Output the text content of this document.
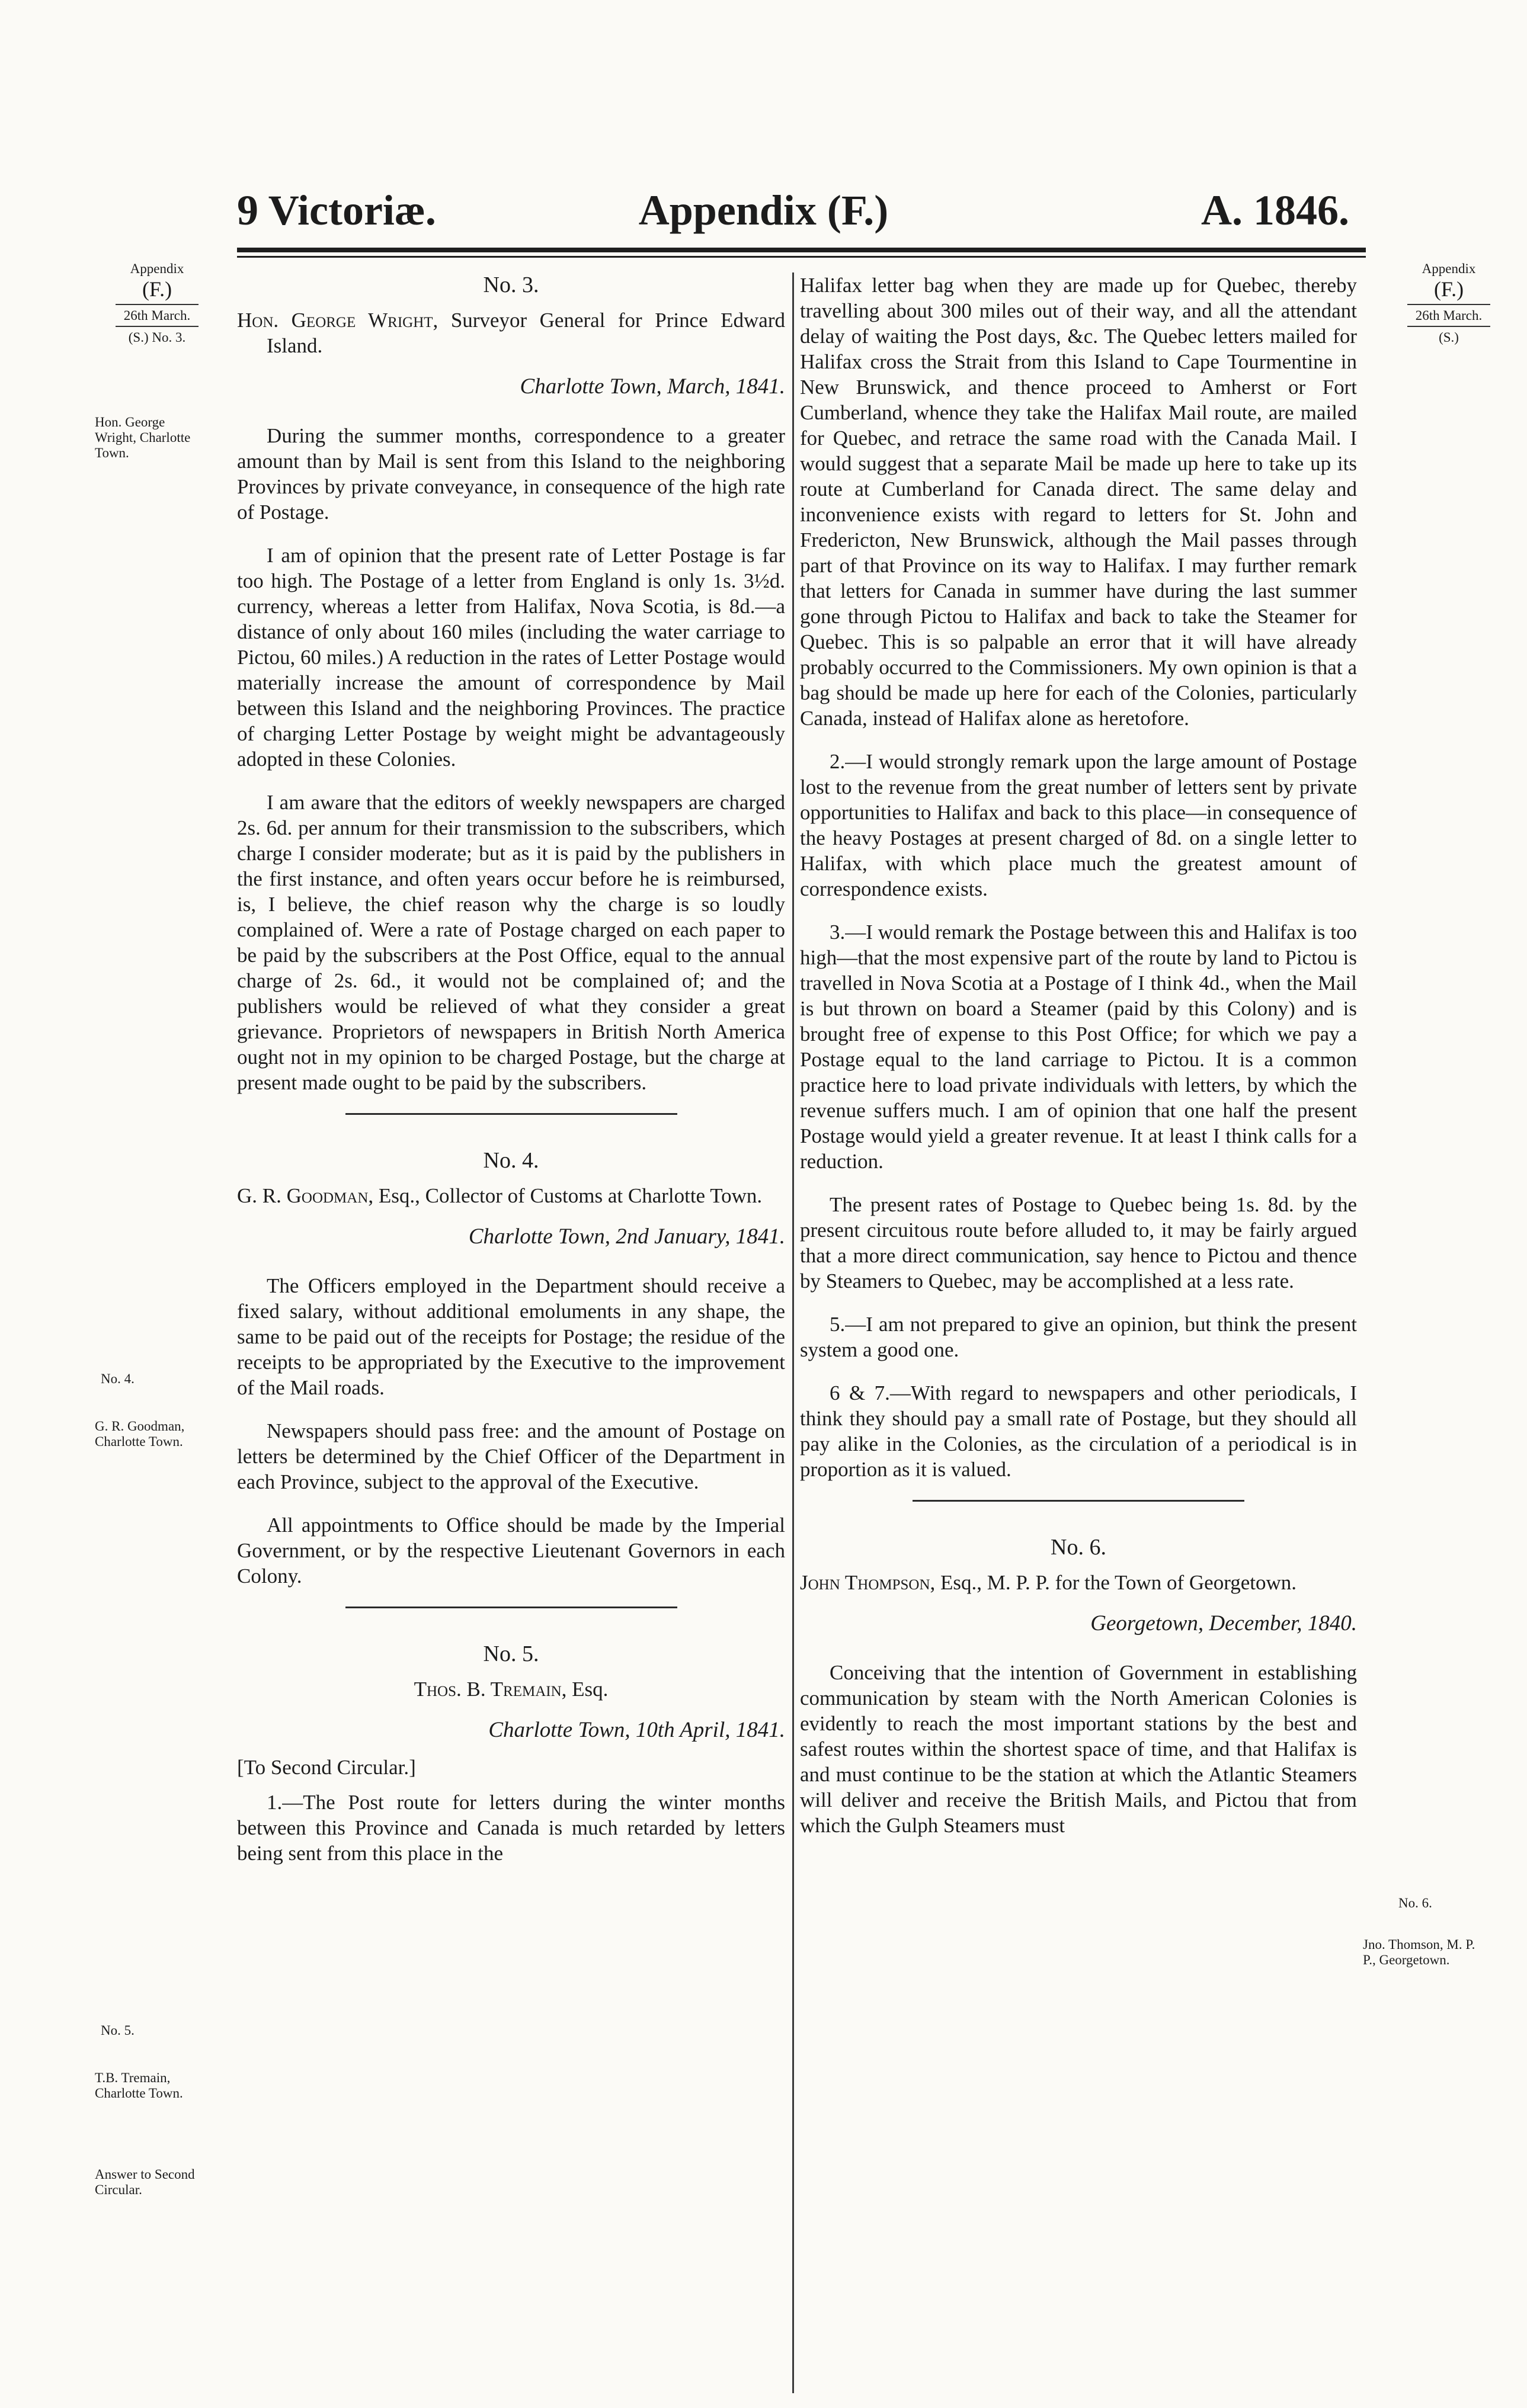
9 Victoriæ.	Appendix (F.)	A. 1846.
Appendix
(F.)
26th March.
(S.) No. 3.
Hon. George Wright, Charlotte Town.
No. 4.
G. R. Goodman, Charlotte Town.
No. 5.
T.B. Tremain, Charlotte Town.
Answer to Second Circular.
Appendix
(F.)
26th March.
(S.)
No. 6.
Jno. Thomson, M. P. P., Georgetown.
No. 3.
Hon. George Wright, Surveyor General for Prince Edward Island.
Charlotte Town, March, 1841.

During the summer months, correspondence to a greater amount than by Mail is sent from this Island to the neighboring Provinces by private conveyance, in consequence of the high rate of Postage.

I am of opinion that the present rate of Letter Postage is far too high. The Postage of a letter from England is only 1s. 3½d. currency, whereas a letter from Halifax, Nova Scotia, is 8d.—a distance of only about 160 miles (including the water carriage to Pictou, 60 miles.) A reduction in the rates of Letter Postage would materially increase the amount of correspondence by Mail between this Island and the neighboring Provinces. The practice of charging Letter Postage by weight might be advantageously adopted in these Colonies.

I am aware that the editors of weekly newspapers are charged 2s. 6d. per annum for their transmission to the subscribers, which charge I consider moderate; but as it is paid by the publishers in the first instance, and often years occur before he is reimbursed, is, I believe, the chief reason why the charge is so loudly complained of. Were a rate of Postage charged on each paper to be paid by the subscribers at the Post Office, equal to the annual charge of 2s. 6d., it would not be complained of; and the publishers would be relieved of what they consider a great grievance. Proprietors of newspapers in British North America ought not in my opinion to be charged Postage, but the charge at present made ought to be paid by the subscribers.

No. 4.
G. R. Goodman, Esq., Collector of Customs at Charlotte Town.
Charlotte Town, 2nd January, 1841.

The Officers employed in the Department should receive a fixed salary, without additional emoluments in any shape, the same to be paid out of the receipts for Postage; the residue of the receipts to be appropriated by the Executive to the improvement of the Mail roads.

Newspapers should pass free: and the amount of Postage on letters be determined by the Chief Officer of the Department in each Province, subject to the approval of the Executive.

All appointments to Office should be made by the Imperial Government, or by the respective Lieutenant Governors in each Colony.

No. 5.
Thos. B. Tremain, Esq.
Charlotte Town, 10th April, 1841.

[To Second Circular.]

1.—The Post route for letters during the winter months between this Province and Canada is much retarded by letters being sent from this place in the

Halifax letter bag when they are made up for Quebec, thereby travelling about 300 miles out of their way, and all the attendant delay of waiting the Post days, &c. The Quebec letters mailed for Halifax cross the Strait from this Island to Cape Tourmentine in New Brunswick, and thence proceed to Amherst or Fort Cumberland, whence they take the Halifax Mail route, are mailed for Quebec, and retrace the same road with the Canada Mail. I would suggest that a separate Mail be made up here to take up its route at Cumberland for Canada direct. The same delay and inconvenience exists with regard to letters for St. John and Fredericton, New Brunswick, although the Mail passes through part of that Province on its way to Halifax. I may further remark that letters for Canada in summer have during the last summer gone through Pictou to Halifax and back to take the Steamer for Quebec. This is so palpable an error that it will have already probably occurred to the Commissioners. My own opinion is that a bag should be made up here for each of the Colonies, particularly Canada, instead of Halifax alone as heretofore.

2.—I would strongly remark upon the large amount of Postage lost to the revenue from the great number of letters sent by private opportunities to Halifax and back to this place—in consequence of the heavy Postages at present charged of 8d. on a single letter to Halifax, with which place much the greatest amount of correspondence exists.

3.—I would remark the Postage between this and Halifax is too high—that the most expensive part of the route by land to Pictou is travelled in Nova Scotia at a Postage of I think 4d., when the Mail is but thrown on board a Steamer (paid by this Colony) and is brought free of expense to this Post Office; for which we pay a Postage equal to the land carriage to Pictou. It is a common practice here to load private individuals with letters, by which the revenue suffers much. I am of opinion that one half the present Postage would yield a greater revenue. It at least I think calls for a reduction.

The present rates of Postage to Quebec being 1s. 8d. by the present circuitous route before alluded to, it may be fairly argued that a more direct communication, say hence to Pictou and thence by Steamers to Quebec, may be accomplished at a less rate.

5.—I am not prepared to give an opinion, but think the present system a good one.

6 & 7.—With regard to newspapers and other periodicals, I think they should pay a small rate of Postage, but they should all pay alike in the Colonies, as the circulation of a periodical is in proportion as it is valued.

No. 6.
John Thompson, Esq., M. P. P. for the Town of Georgetown.
Georgetown, December, 1840.

Conceiving that the intention of Government in establishing communication by steam with the North American Colonies is evidently to reach the most important stations by the best and safest routes within the shortest space of time, and that Halifax is and must continue to be the station at which the Atlantic Steamers will deliver and receive the British Mails, and Pictou that from which the Gulph Steamers must
